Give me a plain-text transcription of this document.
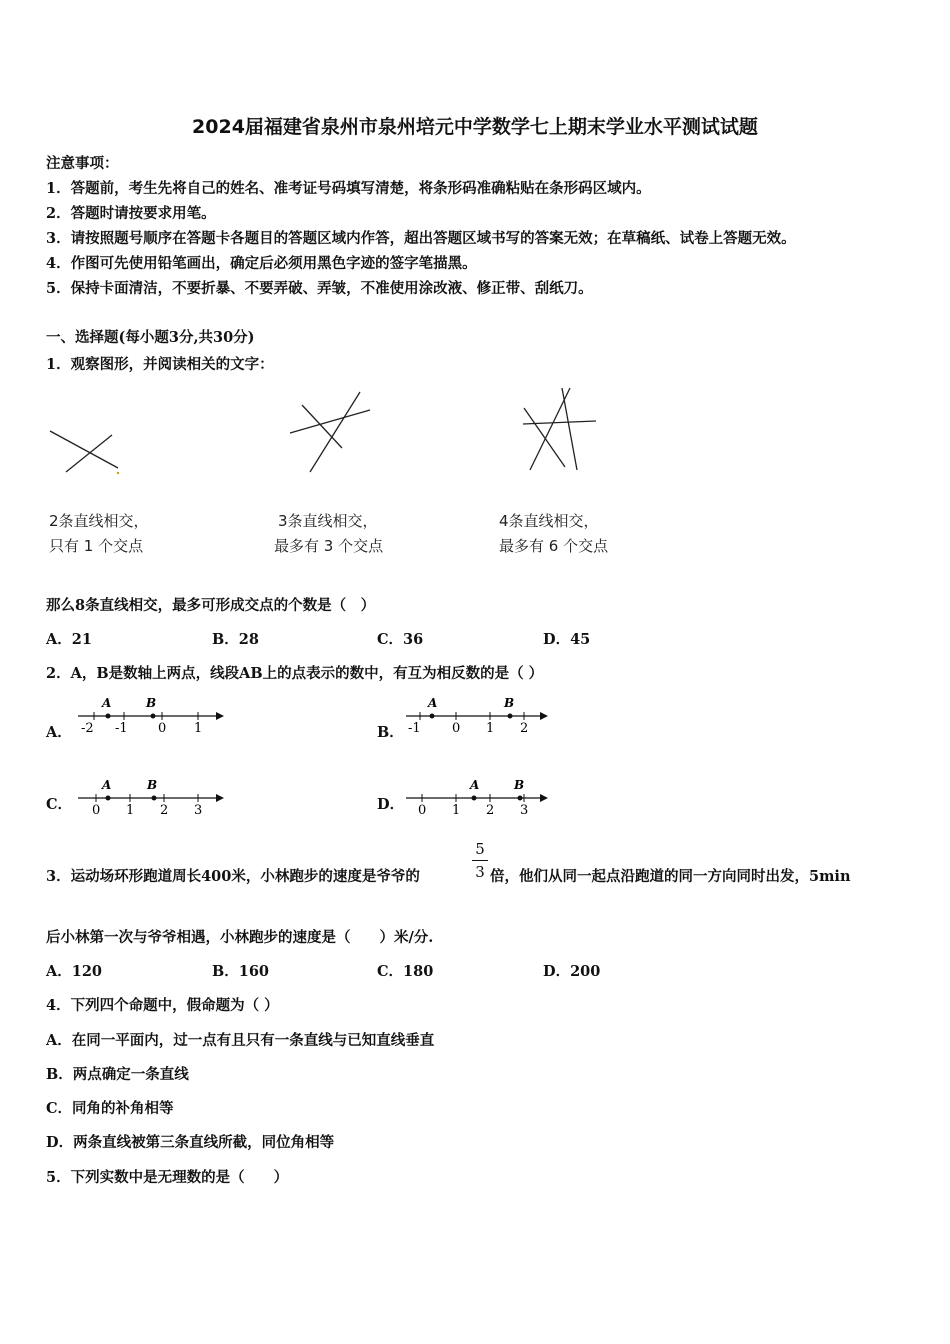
2024届福建省泉州市泉州培元中学数学七上期末学业水平测试试题
注意事项：
1．答题前，考生先将自己的姓名、准考证号码填写清楚，将条形码准确粘贴在条形码区域内。
2．答题时请按要求用笔。
3．请按照题号顺序在答题卡各题目的答题区域内作答，超出答题区域书写的答案无效；在草稿纸、试卷上答题无效。
4．作图可先使用铅笔画出，确定后必须用黑色字迹的签字笔描黑。
5．保持卡面清洁，不要折暴、不要弄破、弄皱，不准使用涂改液、修正带、刮纸刀。
一、选择题(每小题3分,共30分)
1．观察图形，并阅读相关的文字：
2条直线相交，
只有 1 个交点
3条直线相交，
最多有 3 个交点
4条直线相交，
最多有 6 个交点
那么8条直线相交，最多可形成交点的个数是（　）
A．21	B．28	C．36	D．45
2．A，B是数轴上两点，线段AB上的点表示的数中，有互为相反数的是（ ）
A．
A	B
-2 -1 0 1	B．
A	B
-1 0 1 2
C．
A	B
0 1 2 3	D．
A	B
0 1 2 3
3．运动场环形跑道周长400米，小林跑步的速度是爷爷的
5
3 倍，他们从同一起点沿跑道的同一方向同时出发，5min
后小林第一次与爷爷相遇，小林跑步的速度是（　　）米/分.
A．120	B．160	C．180	D．200
4．下列四个命题中，假命题为（ ）
A．在同一平面内，过一点有且只有一条直线与已知直线垂直
B．两点确定一条直线
C．同角的补角相等
D．两条直线被第三条直线所截，同位角相等
5．下列实数中是无理数的是（　　）
